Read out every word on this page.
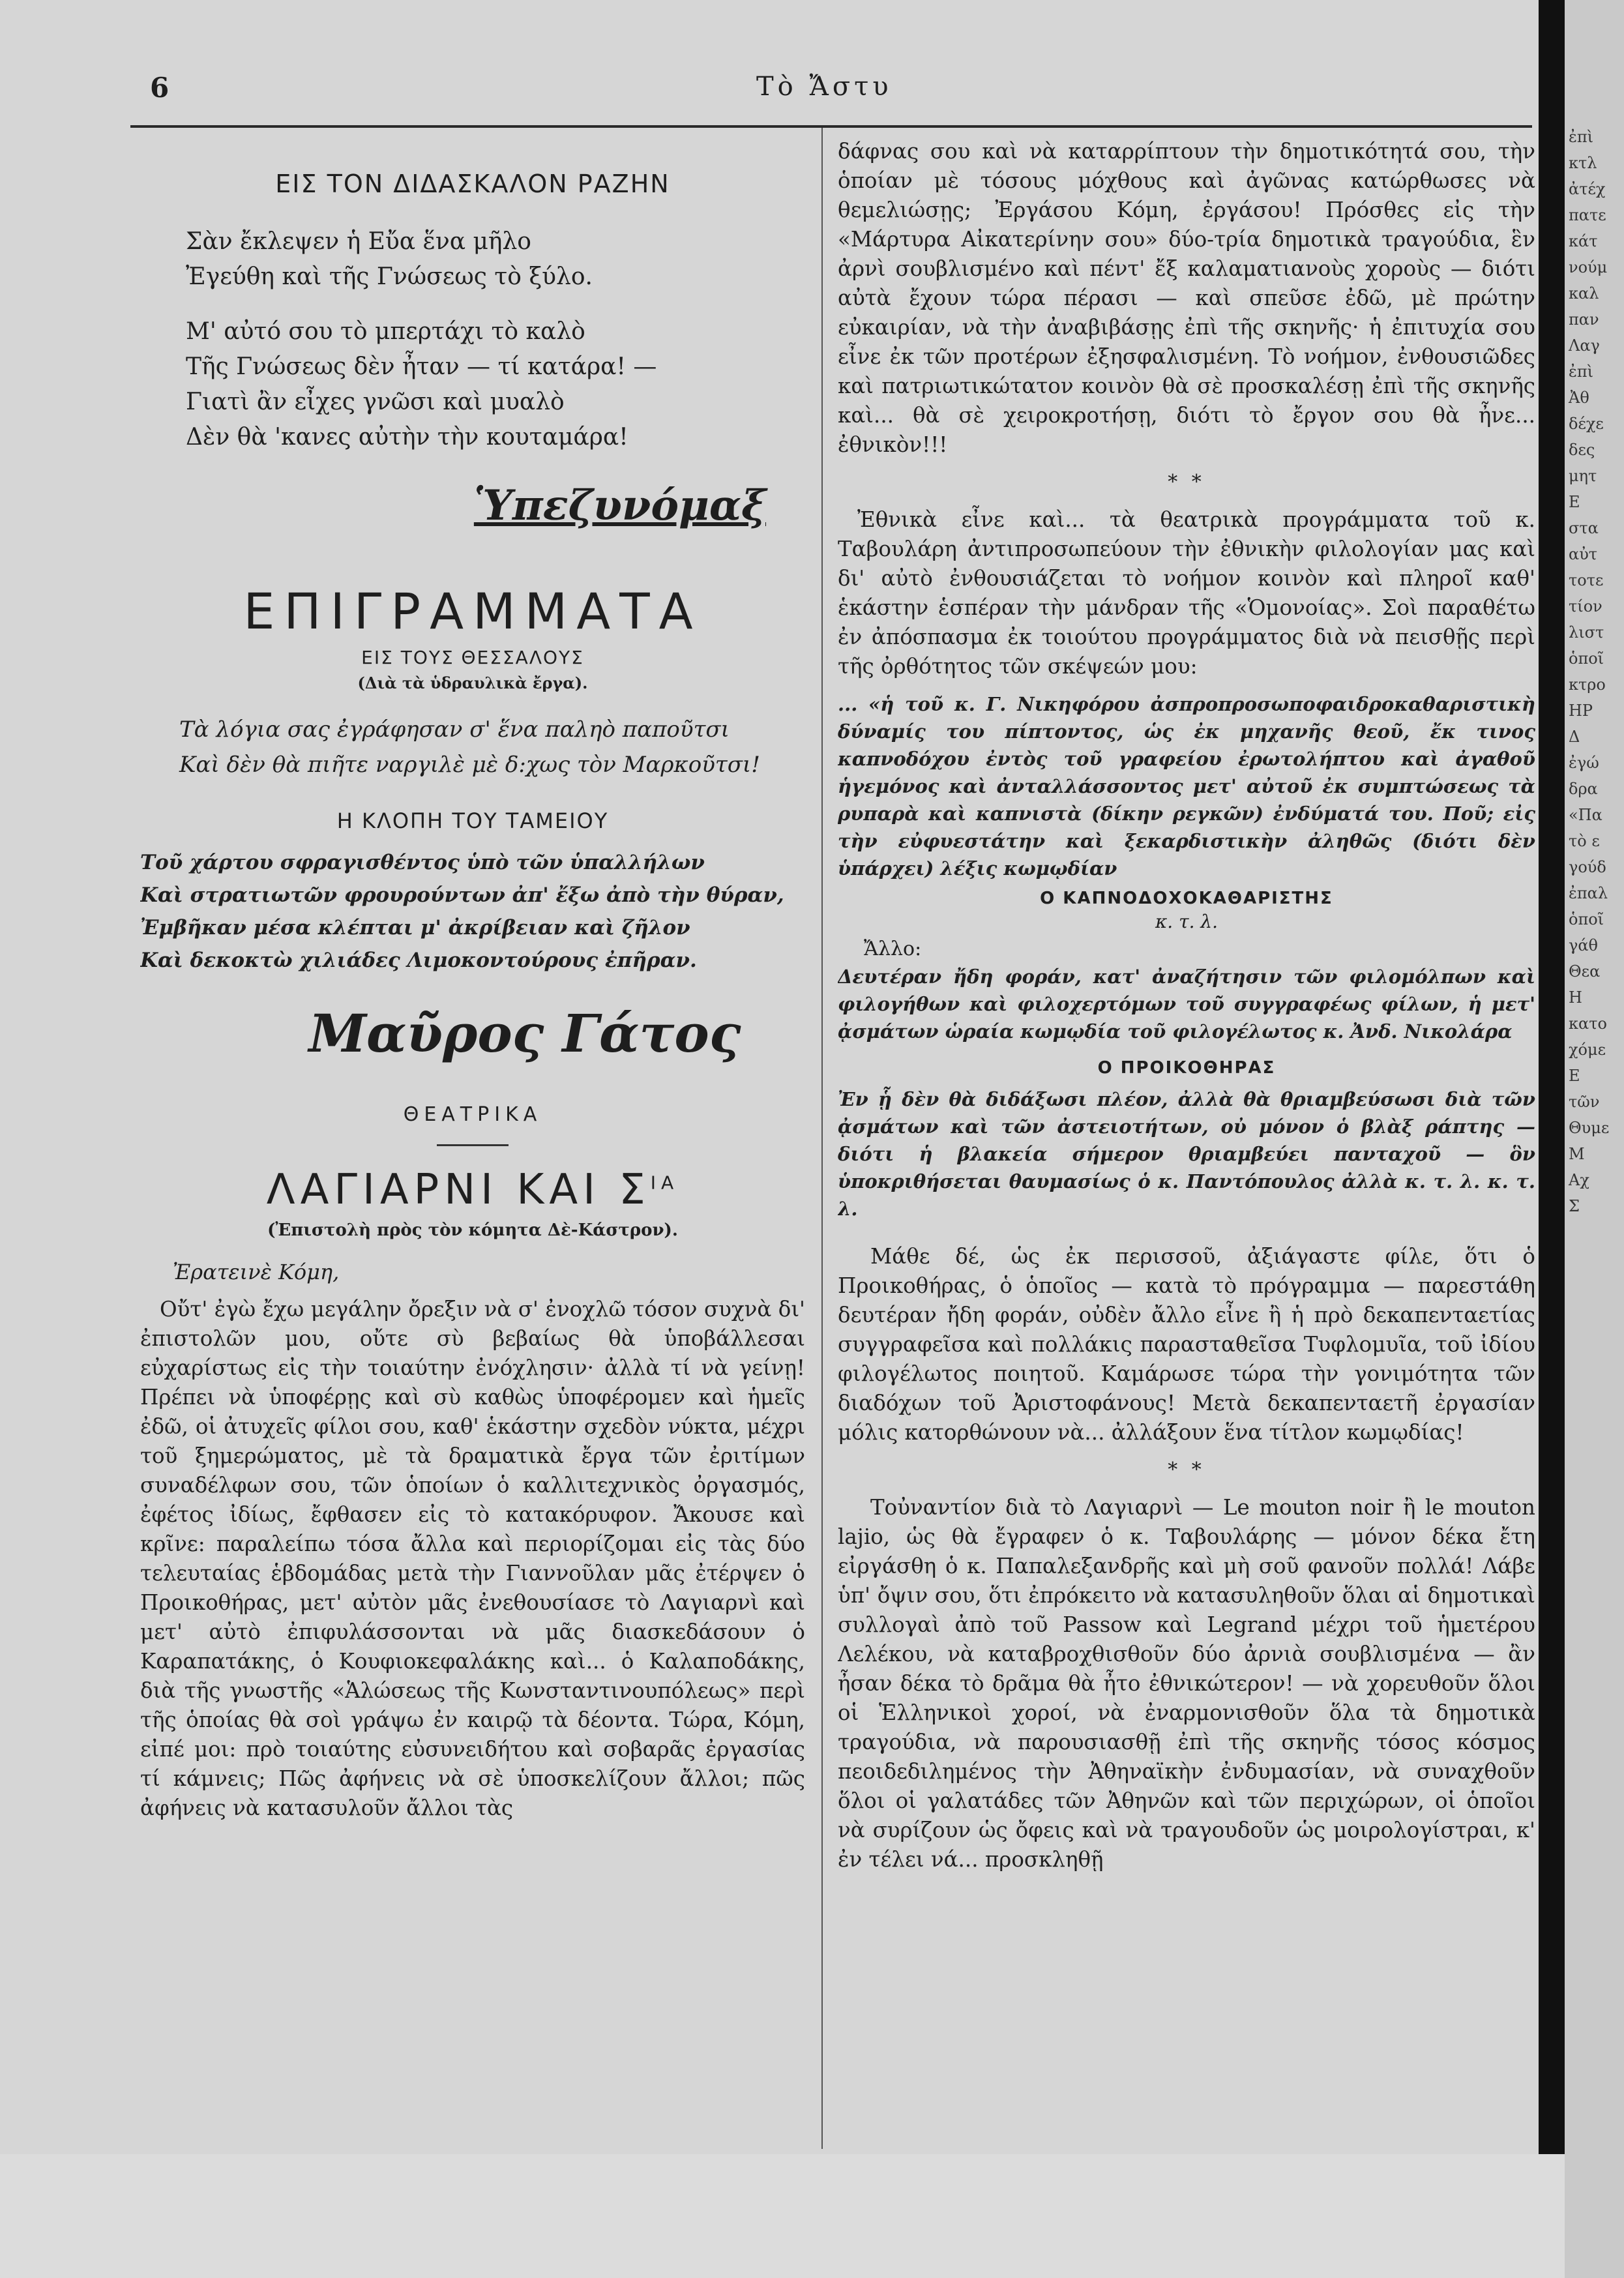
6	Τὸ Ἄστυ
ΕΙΣ ΤΟΝ ΔΙΔΑΣΚΑΛΟΝ ΡΑΖΗΝ

Σὰν ἔκλεψεν ἡ Εὔα ἕνα μῆλο

Ἐγεύθη καὶ τῆς Γνώσεως τὸ ξύλο.

Μ' αὐτό σου τὸ μπερτάχι τὸ καλὸ

Τῆς Γνώσεως δὲν ἦταν — τί κατάρα! —

Γιατὶ ἂν εἶχες γνῶσι καὶ μυαλὸ

Δὲν θὰ 'κανες αὐτὴν τὴν κουταμάρα!

Ὑπεζυνόμαξ
ΕΠΙΓΡΑΜΜΑΤΑ
ΕΙΣ ΤΟΥΣ ΘΕΣΣΑΛΟΥΣ
(Διὰ τὰ ὑδραυλικὰ ἔργα).

Τὰ λόγια σας ἐγράφησαν σ' ἕνα παληὸ παποῦτσι

Καὶ δὲν θὰ πιῆτε ναργιλὲ μὲ δ:χως τὸν Μαρκοῦτσι!

Η ΚΛΟΠΗ ΤΟΥ ΤΑΜΕΙΟΥ

Τοῦ χάρτου σφραγισθέντος ὑπὸ τῶν ὑπαλλήλων

Καὶ στρατιωτῶν φρουρούντων ἀπ' ἔξω ἀπὸ τὴν θύραν,

Ἐμβῆκαν μέσα κλέπται μ' ἀκρίβειαν καὶ ζῆλον

Καὶ δεκοκτὼ χιλιάδες Λιμοκοντούρους ἐπῆραν.

Μαῦρος Γάτος
ΘΕΑΤΡΙΚΑ
ΛΑΓΙΑΡΝΙ ΚΑΙ $\Sigma^{IA}$
(Ἐπιστολὴ πρὸς τὸν κόμητα Δὲ-Κάστρον).

Ἐρατεινὲ Κόμη,

Οὔτ' ἐγὼ ἔχω μεγάλην ὄρεξιν νὰ σ' ἐνοχλῶ τόσον συχνὰ δι' ἐπιστολῶν μου, οὔτε σὺ βεβαίως θὰ ὑποβάλλεσαι εὐχαρίστως εἰς τὴν τοιαύτην ἐνόχλησιν· ἀλλὰ τί νὰ γείνῃ! Πρέπει νὰ ὑποφέρῃς καὶ σὺ καθὼς ὑποφέρομεν καὶ ἡμεῖς ἐδῶ, οἱ ἀτυχεῖς φίλοι σου, καθ' ἑκάστην σχεδὸν νύκτα, μέχρι τοῦ ξημερώματος, μὲ τὰ δραματικὰ ἔργα τῶν ἐριτίμων συναδέλφων σου, τῶν ὁποίων ὁ καλλιτεχνικὸς ὀργασμός, ἐφέτος ἰδίως, ἔφθασεν εἰς τὸ κατακόρυφον. Ἄκουσε καὶ κρῖνε: παραλείπω τόσα ἄλλα καὶ περιορίζομαι εἰς τὰς δύο τελευταίας ἑβδομάδας μετὰ τὴν Γιαννοῦλαν μᾶς ἐτέρψεν ὁ Προικοθήρας, μετ' αὐτὸν μᾶς ἐνεθουσίασε τὸ Λαγιαρνὶ καὶ μετ' αὐτὸ ἐπιφυλάσσονται νὰ μᾶς διασκεδάσουν ὁ Καραπατάκης, ὁ Κουφιοκεφαλάκης καὶ... ὁ Καλαποδάκης, διὰ τῆς γνωστῆς «Ἁλώσεως τῆς Κωνσταντινουπόλεως» περὶ τῆς ὁποίας θὰ σοὶ γράψω ἐν καιρῷ τὰ δέοντα. Τώρα, Κόμη, εἰπέ μοι: πρὸ τοιαύτης εὐσυνειδήτου καὶ σοβαρᾶς ἐργασίας τί κάμνεις; Πῶς ἀφήνεις νὰ σὲ ὑποσκελίζουν ἄλλοι; πῶς ἀφήνεις νὰ κατασυλοῦν ἄλλοι τὰς

δάφνας σου καὶ νὰ καταρρίπτουν τὴν δημοτικότητά σου, τὴν ὁποίαν μὲ τόσους μόχθους καὶ ἀγῶνας κατώρθωσες νὰ θεμελιώσῃς; Ἐργάσου Κόμη, ἐργάσου! Πρόσθες εἰς τὴν «Μάρτυρα Αἰκατερίνην σου» δύο-τρία δημοτικὰ τραγούδια, ἓν ἀρνὶ σουβλισμένο καὶ πέντ' ἔξ καλαματιανοὺς χοροὺς — διότι αὐτὰ ἔχουν τώρα πέρασι — καὶ σπεῦσε ἐδῶ, μὲ πρώτην εὐκαιρίαν, νὰ τὴν ἀναβιβάσῃς ἐπὶ τῆς σκηνῆς· ἡ ἐπιτυχία σου εἶνε ἐκ τῶν προτέρων ἐξησφαλισμένη. Τὸ νοήμον, ἐνθουσιῶδες καὶ πατριωτικώτατον κοινὸν θὰ σὲ προσκαλέσῃ ἐπὶ τῆς σκηνῆς καὶ... θὰ σὲ χειροκροτήσῃ, διότι τὸ ἔργον σου θὰ ἦνε... ἐθνικὸν!!!

* *

Ἐθνικὰ εἶνε καὶ... τὰ θεατρικὰ προγράμματα τοῦ κ. Ταβουλάρη ἀντιπροσωπεύουν τὴν ἐθνικὴν φιλολογίαν μας καὶ δι' αὐτὸ ἐνθουσιάζεται τὸ νοήμον κοινὸν καὶ πληροῖ καθ' ἑκάστην ἑσπέραν τὴν μάνδραν τῆς «Ὁμονοίας». Σοὶ παραθέτω ἐν ἀπόσπασμα ἐκ τοιούτου προγράμματος διὰ νὰ πεισθῇς περὶ τῆς ὀρθότητος τῶν σκέψεών μου:

... «ἡ τοῦ κ. Γ. Νικηφόρου ἀσπροπροσωποφαιδροκαθαριστικὴ δύναμίς του πίπτοντος, ὡς ἐκ μηχανῆς θεοῦ, ἔκ τινος καπνοδόχου ἐντὸς τοῦ γραφείου ἐρωτολήπτου καὶ ἀγαθοῦ ἡγεμόνος καὶ ἀνταλλάσσοντος μετ' αὐτοῦ ἐκ συμπτώσεως τὰ ρυπαρὰ καὶ καπνιστὰ (δίκην ρεγκῶν) ἐνδύματά του. Ποῦ; εἰς τὴν εὐφυεστάτην καὶ ξεκαρδιστικὴν ἀληθῶς (διότι δὲν ὑπάρχει) λέξις κωμῳδίαν

Ο ΚΑΠΝΟΔΟΧΟΚΑΘΑΡΙΣΤΗΣ
κ. τ. λ.

Ἄλλο:

Δευτέραν ἤδη φοράν, κατ' ἀναζήτησιν τῶν φιλομόλπων καὶ φιλογήθων καὶ φιλοχερτόμων τοῦ συγγραφέως φίλων, ἡ μετ' ᾀσμάτων ὡραία κωμῳδία τοῦ φιλογέλωτος κ. Ἀνδ. Νικολάρα

Ο ΠΡΟΙΚΟΘΗΡΑΣ

Ἐν ᾗ δὲν θὰ διδάξωσι πλέον, ἀλλὰ θὰ θριαμβεύσωσι διὰ τῶν ᾀσμάτων καὶ τῶν ἀστειοτήτων, οὐ μόνον ὁ βλὰξ ράπτης — διότι ἡ βλακεία σήμερον θριαμβεύει πανταχοῦ — ὃν ὑποκριθήσεται θαυμασίως ὁ κ. Παντόπουλος ἀλλὰ κ. τ. λ. κ. τ. λ.

Μάθε δέ, ὡς ἐκ περισσοῦ, ἀξιάγαστε φίλε, ὅτι ὁ Προικοθήρας, ὁ ὁποῖος — κατὰ τὸ πρόγραμμα — παρεστάθη δευτέραν ἤδη φοράν, οὐδὲν ἄλλο εἶνε ἢ ἡ πρὸ δεκαπενταετίας συγγραφεῖσα καὶ πολλάκις παρασταθεῖσα Τυφλομυῖα, τοῦ ἰδίου φιλογέλωτος ποιητοῦ. Καμάρωσε τώρα τὴν γονιμότητα τῶν διαδόχων τοῦ Ἀριστοφάνους! Μετὰ δεκαπενταετῆ ἐργασίαν μόλις κατορθώνουν νὰ... ἀλλάξουν ἕνα τίτλον κωμῳδίας!

* *

Τοὐναντίον διὰ τὸ Λαγιαρνὶ — Le mouton noir ἢ le mouton lajio, ὡς θὰ ἔγραφεν ὁ κ. Ταβουλάρης — μόνον δέκα ἔτη εἰργάσθη ὁ κ. Παπαλεξανδρῆς καὶ μὴ σοῦ φανοῦν πολλά! Λάβε ὑπ' ὄψιν σου, ὅτι ἐπρόκειτο νὰ κατασυληθοῦν ὅλαι αἱ δημοτικαὶ συλλογαὶ ἀπὸ τοῦ Passow καὶ Legrand μέχρι τοῦ ἡμετέρου Λελέκου, νὰ καταβροχθισθοῦν δύο ἀρνιὰ σουβλισμένα — ἂν ἦσαν δέκα τὸ δρᾶμα θὰ ἦτο ἐθνικώτερον! — νὰ χορευθοῦν ὅλοι οἱ Ἑλληνικοὶ χοροί, νὰ ἐναρμονισθοῦν ὅλα τὰ δημοτικὰ τραγούδια, νὰ παρουσιασθῇ ἐπὶ τῆς σκηνῆς τόσος κόσμος πεοιδεδιλημένος τὴν Ἀθηναϊκὴν ἐνδυμασίαν, νὰ συναχθοῦν ὅλοι οἱ γαλατάδες τῶν Ἀθηνῶν καὶ τῶν περιχώρων, οἱ ὁποῖοι νὰ συρίζουν ὡς ὄφεις καὶ νὰ τραγουδοῦν ὡς μοιρολογίστραι, κ' ἐν τέλει νά... προσκληθῇ

ἐπὶ
κτλ
ἀτέχ
πατε
κάτ
νούμ
καλ
παν
Λαγ
ἐπὶ
Ἀθ
δέχε
δες
μητ
Ε
στα
αὐτ
τοτε
τίον
λιστ
ὁποῖ
κτρο
ΗΡ
Δ
ἐγώ
δρα
«Πα
τὸ ε
γούδ
ἐπαλ
ὁποῖ
γάθ
Θεα
Η
κατο
χόμε
Ε
τῶν
Θυμε
Μ
Αχ
Σ
